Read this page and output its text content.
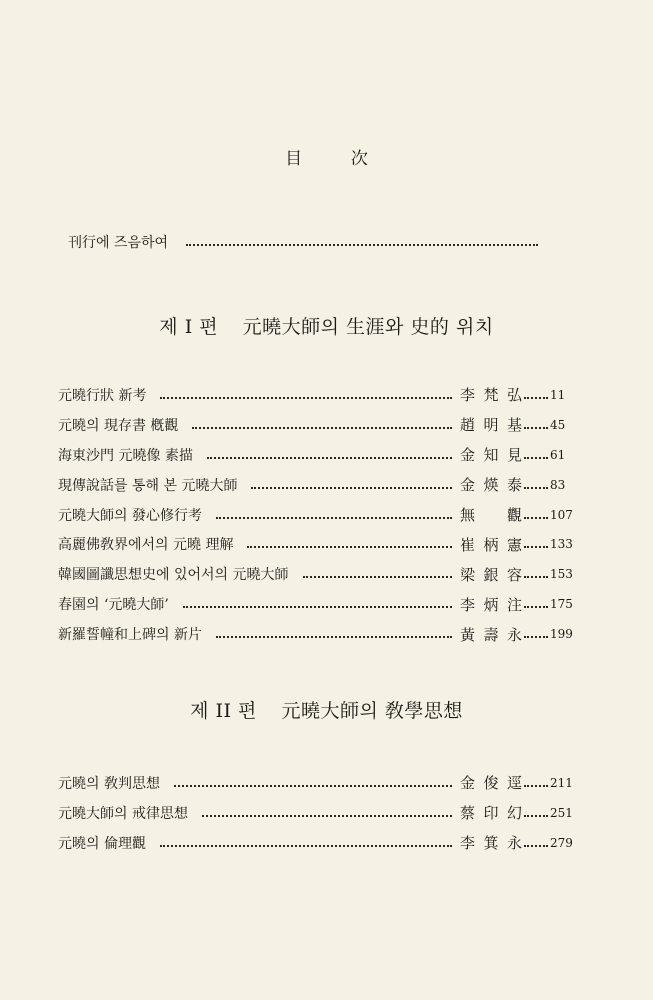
目	次
刊行에 즈음하여
제 I 편 元曉大師의 生涯와 史的 위치
元曉行狀 新考	李 梵 弘 11
元曉의 現存書 槪觀	趙 明 基 45
海東沙門 元曉像 素描	金 知 見 61
現傳說話를 통해 본 元曉大師	金 煐 泰 83
元曉大師의 發心修行考	無 觀 107
高麗佛敎界에서의 元曉 理解	崔 柄 憲 133
韓國圖讖思想史에 있어서의 元曉大師	梁 銀 容 153
春園의 ‘元曉大師’	李 炳 注 175
新羅誓幢和上碑의 新片	黃 壽 永 199
제 II 편 元曉大師의 敎學思想
元曉의 敎判思想	金 俊 逕 211
元曉大師의 戒律思想	蔡 印 幻 251
元曉의 倫理觀	李 箕 永 279
